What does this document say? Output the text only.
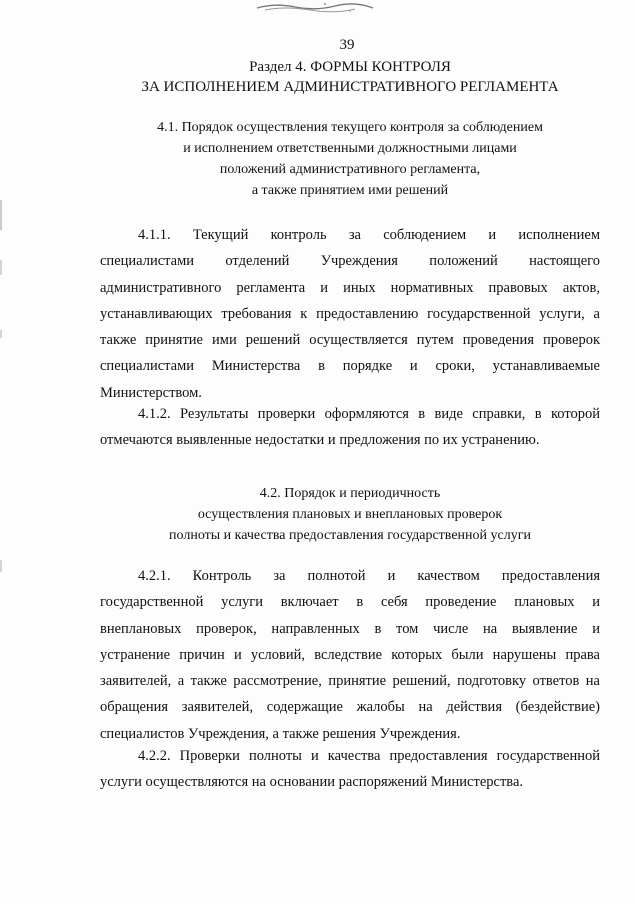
39
Раздел 4. ФОРМЫ КОНТРОЛЯ
ЗА ИСПОЛНЕНИЕМ АДМИНИСТРАТИВНОГО РЕГЛАМЕНТА
4.1. Порядок осуществления текущего контроля за соблюдением
и исполнением ответственными должностными лицами
положений административного регламента,
а также принятием ими решений
4.1.1. Текущий контроль за соблюдением и исполнением
специалистами отделений Учреждения положений настоящего
административного регламента и иных нормативных правовых актов,
устанавливающих требования к предоставлению государственной услуги, а
также принятие ими решений осуществляется путем проведения проверок
специалистами Министерства в порядке и сроки, устанавливаемые
Министерством.
4.1.2. Результаты проверки оформляются в виде справки, в которой
отмечаются выявленные недостатки и предложения по их устранению.
4.2. Порядок и периодичность
осуществления плановых и внеплановых проверок
полноты и качества предоставления государственной услуги
4.2.1. Контроль за полнотой и качеством предоставления
государственной услуги включает в себя проведение плановых и
внеплановых проверок, направленных в том числе на выявление и
устранение причин и условий, вследствие которых были нарушены права
заявителей, а также рассмотрение, принятие решений, подготовку ответов на
обращения заявителей, содержащие жалобы на действия (бездействие)
специалистов Учреждения, а также решения Учреждения.
4.2.2. Проверки полноты и качества предоставления государственной
услуги осуществляются на основании распоряжений Министерства.
